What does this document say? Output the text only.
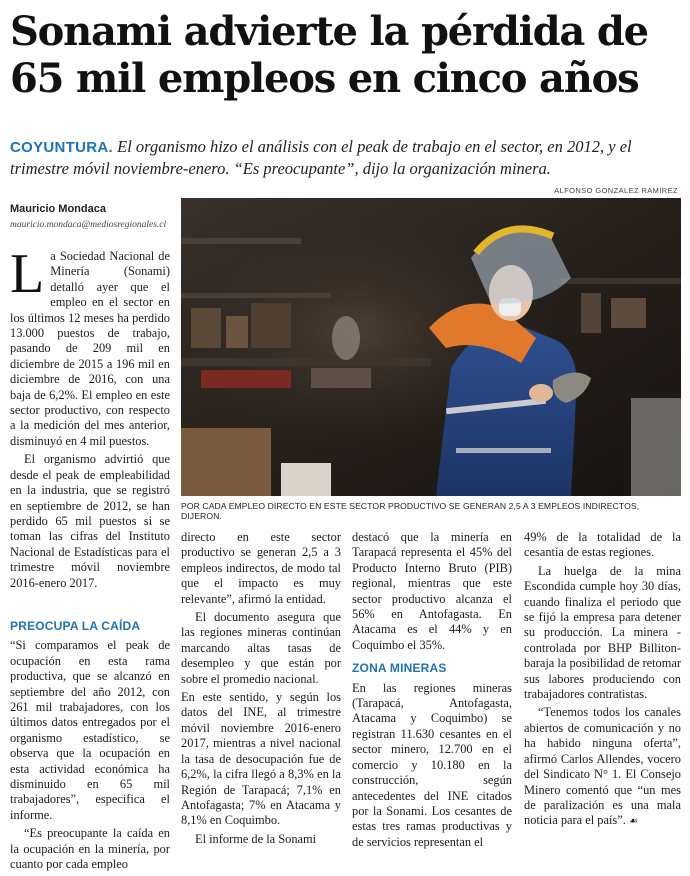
Sonami advierte la pérdida de 65 mil empleos en cinco años
COYUNTURA. El organismo hizo el análisis con el peak de trabajo en el sector, en 2012, y el trimestre móvil noviembre-enero. “Es preocupante”, dijo la organización minera.
ALFONSO GONZALEZ RAMIREZ
Mauricio Mondaca
mauricio.mondaca@mediosregionales.cl
POR CADA EMPLEO DIRECTO EN ESTE SECTOR PRODUCTIVO SE GENERAN 2,5 A 3 EMPLEOS INDIRECTOS, DIJERON.

La Sociedad Nacional de Minería (Sonami) detalló ayer que el empleo en el sector en los últimos 12 meses ha perdido 13.000 puestos de trabajo, pasando de 209 mil en diciembre de 2015 a 196 mil en diciembre de 2016, con una baja de 6,2%. El empleo en este sector productivo, con respecto a la medición del mes anterior, disminuyó en 4 mil puestos.

El organismo advirtió que desde el peak de empleabilidad en la industria, que se registró en septiembre de 2012, se han perdido 65 mil puestos si se toman las cifras del Instituto Nacional de Estadísticas para el trimestre móvil noviembre 2016-enero 2017.

PREOCUPA LA CAÍDA

“Si comparamos el peak de ocupación en esta rama productiva, que se alcanzó en septiembre del año 2012, con 261 mil trabajadores, con los últimos datos entregados por el organismo estadístico, se observa que la ocupación en esta actividad económica ha disminuido en 65 mil trabajadores”, especifica el informe.

“Es preocupante la caída en la ocupación en la minería, por cuanto por cada empleo

directo en este sector productivo se generan 2,5 a 3 empleos indirectos, de modo tal que el impacto es muy relevante”, afirmó la entidad.

El documento asegura que las regiones mineras continúan marcando altas tasas de desempleo y que están por sobre el promedio nacional.

En este sentido, y según los datos del INE, al trimestre móvil noviembre 2016-enero 2017, mientras a nivel nacional la tasa de desocupación fue de 6,2%, la cifra llegó a 8,3% en la Región de Tarapacá; 7,1% en Antofagasta; 7% en Atacama y 8,1% en Coquimbo.

El informe de la Sonami

destacó que la minería en Tarapacá representa el 45% del Producto Interno Bruto (PIB) regional, mientras que este sector productivo alcanza el 56% en Antofagasta. En Atacama es el 44% y en Coquimbo el 35%.

ZONA MINERAS

En las regiones mineras (Tarapacá, Antofagasta, Atacama y Coquimbo) se registran 11.630 cesantes en el sector minero, 12.700 en el comercio y 10.180 en la construcción, según antecedentes del INE citados por la Sonami. Los cesantes de estas tres ramas productivas y de servicios representan el

49% de la totalidad de la cesantía de estas regiones.

La huelga de la mina Escondida cumple hoy 30 días, cuando finaliza el periodo que se fijó la empresa para detener su producción. La minera -controlada por BHP Billiton- baraja la posibilidad de retomar sus labores produciendo con trabajadores contratistas.

“Tenemos todos los canales abiertos de comunicación y no ha habido ninguna oferta”, afirmó Carlos Allendes, vocero del Sindicato N° 1. El Consejo Minero comentó que “un mes de paralización es una mala noticia para el país”. ☙
